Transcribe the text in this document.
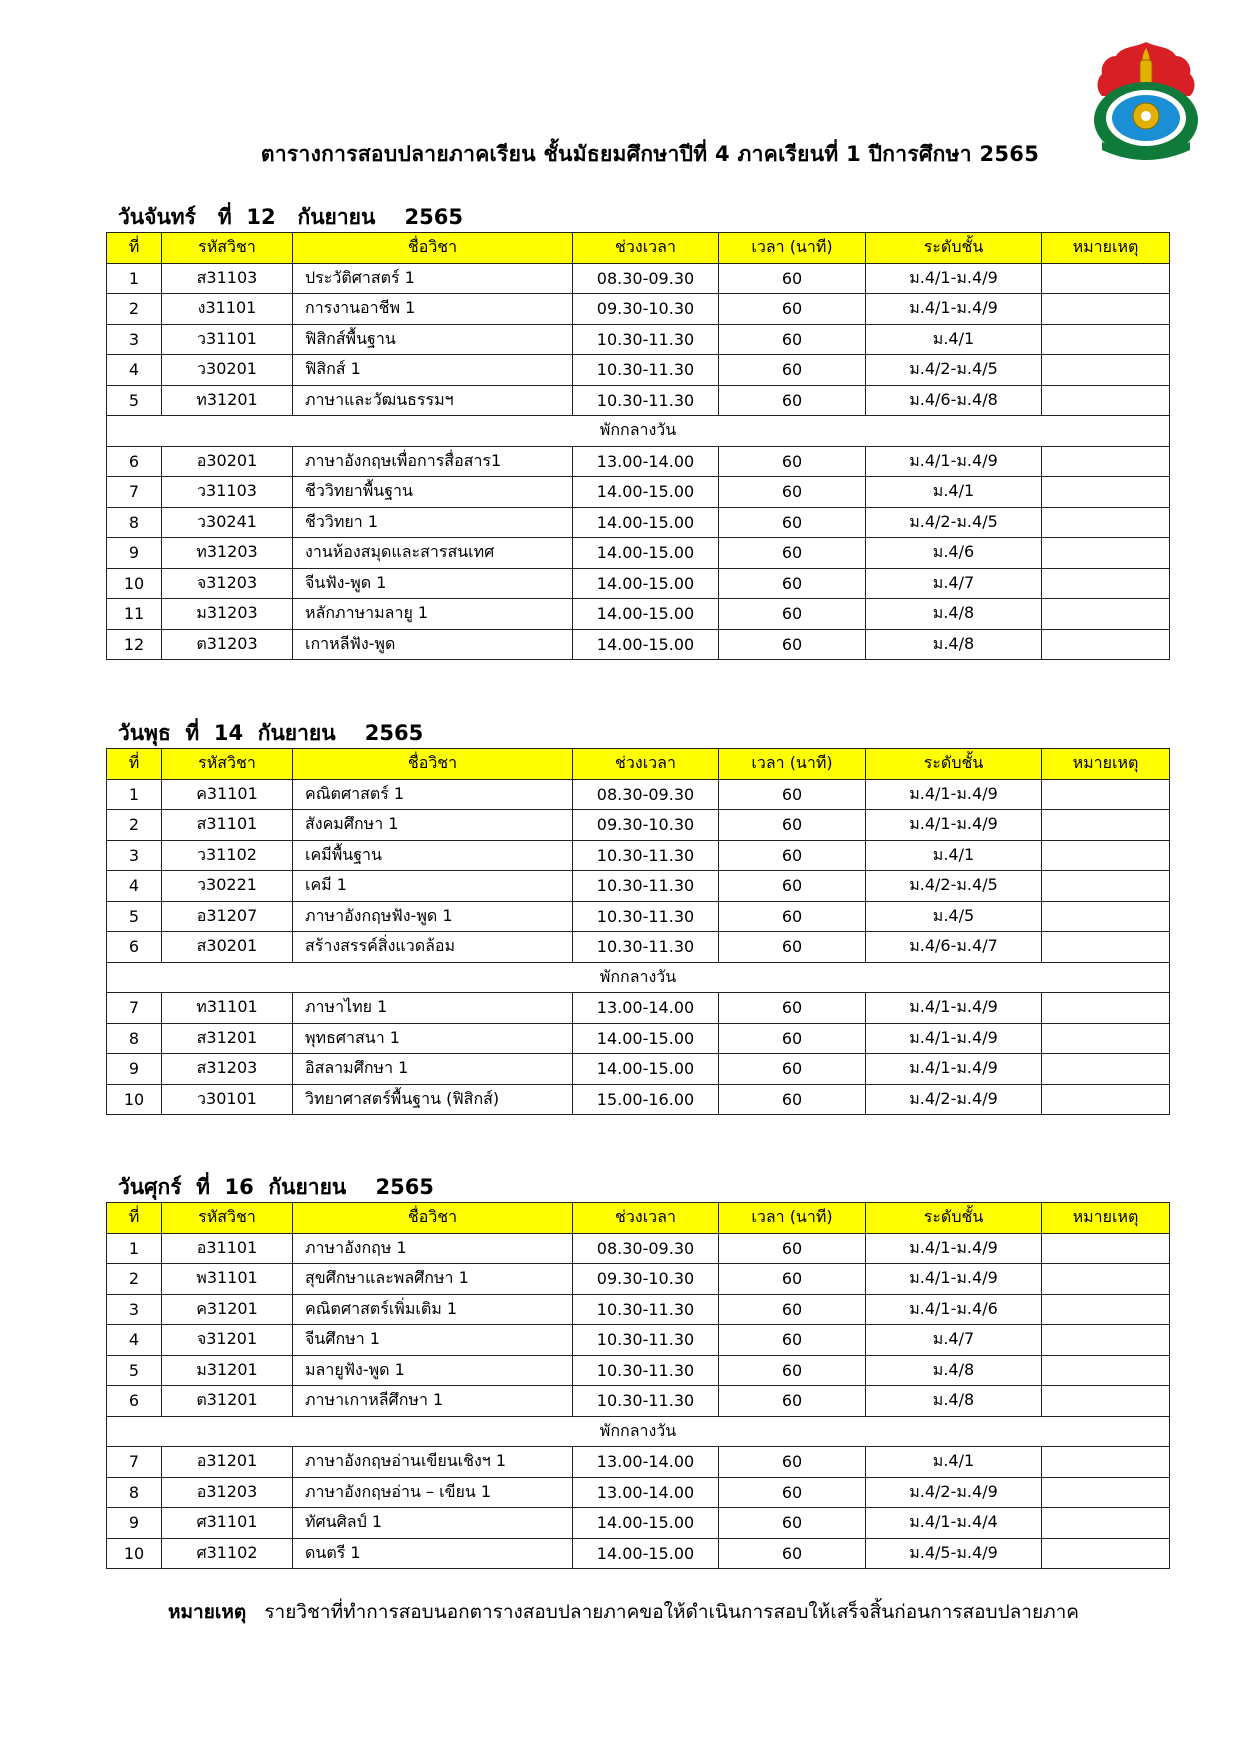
ตารางการสอบปลายภาคเรียน ชั้นมัธยมศึกษาปีที่ 4 ภาคเรียนที่ 1 ปีการศึกษา 2565
วันจันทร์   ที่  12   กันยายน    2565
ที่	รหัสวิชา	ชื่อวิชา	ช่วงเวลา	เวลา (นาที)	ระดับชั้น	หมายเหตุ
1	ส31103	ประวัติศาสตร์ 1	08.30-09.30	60	ม.4/1-ม.4/9	
2	ง31101	การงานอาชีพ 1	09.30-10.30	60	ม.4/1-ม.4/9	
3	ว31101	ฟิสิกส์พื้นฐาน	10.30-11.30	60	ม.4/1	
4	ว30201	ฟิสิกส์ 1	10.30-11.30	60	ม.4/2-ม.4/5	
5	ท31201	ภาษาและวัฒนธรรมฯ	10.30-11.30	60	ม.4/6-ม.4/8	
พักกลางวัน						
6	อ30201	ภาษาอังกฤษเพื่อการสื่อสาร1	13.00-14.00	60	ม.4/1-ม.4/9	
7	ว31103	ชีววิทยาพื้นฐาน	14.00-15.00	60	ม.4/1	
8	ว30241	ชีววิทยา 1	14.00-15.00	60	ม.4/2-ม.4/5	
9	ท31203	งานห้องสมุดและสารสนเทศ	14.00-15.00	60	ม.4/6	
10	จ31203	จีนฟัง-พูด 1	14.00-15.00	60	ม.4/7	
11	ม31203	หลักภาษามลายู 1	14.00-15.00	60	ม.4/8	
12	ต31203	เกาหลีฟัง-พูด	14.00-15.00	60	ม.4/8	
วันพุธ  ที่  14  กันยายน    2565
ที่	รหัสวิชา	ชื่อวิชา	ช่วงเวลา	เวลา (นาที)	ระดับชั้น	หมายเหตุ
1	ค31101	คณิตศาสตร์ 1	08.30-09.30	60	ม.4/1-ม.4/9	
2	ส31101	สังคมศึกษา 1	09.30-10.30	60	ม.4/1-ม.4/9	
3	ว31102	เคมีพื้นฐาน	10.30-11.30	60	ม.4/1	
4	ว30221	เคมี 1	10.30-11.30	60	ม.4/2-ม.4/5	
5	อ31207	ภาษาอังกฤษฟัง-พูด 1	10.30-11.30	60	ม.4/5	
6	ส30201	สร้างสรรค์สิ่งแวดล้อม	10.30-11.30	60	ม.4/6-ม.4/7	
พักกลางวัน						
7	ท31101	ภาษาไทย 1	13.00-14.00	60	ม.4/1-ม.4/9	
8	ส31201	พุทธศาสนา 1	14.00-15.00	60	ม.4/1-ม.4/9	
9	ส31203	อิสลามศึกษา 1	14.00-15.00	60	ม.4/1-ม.4/9	
10	ว30101	วิทยาศาสตร์พื้นฐาน (ฟิสิกส์)	15.00-16.00	60	ม.4/2-ม.4/9	
วันศุกร์  ที่  16  กันยายน    2565
ที่	รหัสวิชา	ชื่อวิชา	ช่วงเวลา	เวลา (นาที)	ระดับชั้น	หมายเหตุ
1	อ31101	ภาษาอังกฤษ 1	08.30-09.30	60	ม.4/1-ม.4/9	
2	พ31101	สุขศึกษาและพลศึกษา 1	09.30-10.30	60	ม.4/1-ม.4/9	
3	ค31201	คณิตศาสตร์เพิ่มเติม 1	10.30-11.30	60	ม.4/1-ม.4/6	
4	จ31201	จีนศึกษา 1	10.30-11.30	60	ม.4/7	
5	ม31201	มลายูฟัง-พูด 1	10.30-11.30	60	ม.4/8	
6	ต31201	ภาษาเกาหลีศึกษา 1	10.30-11.30	60	ม.4/8	
พักกลางวัน						
7	อ31201	ภาษาอังกฤษอ่านเขียนเชิงฯ 1	13.00-14.00	60	ม.4/1	
8	อ31203	ภาษาอังกฤษอ่าน – เขียน 1	13.00-14.00	60	ม.4/2-ม.4/9	
9	ศ31101	ทัศนศิลป์ 1	14.00-15.00	60	ม.4/1-ม.4/4	
10	ศ31102	ดนตรี 1	14.00-15.00	60	ม.4/5-ม.4/9	
หมายเหตุ   รายวิชาที่ทำการสอบนอกตารางสอบปลายภาคขอให้ดำเนินการสอบให้เสร็จสิ้นก่อนการสอบปลายภาค
